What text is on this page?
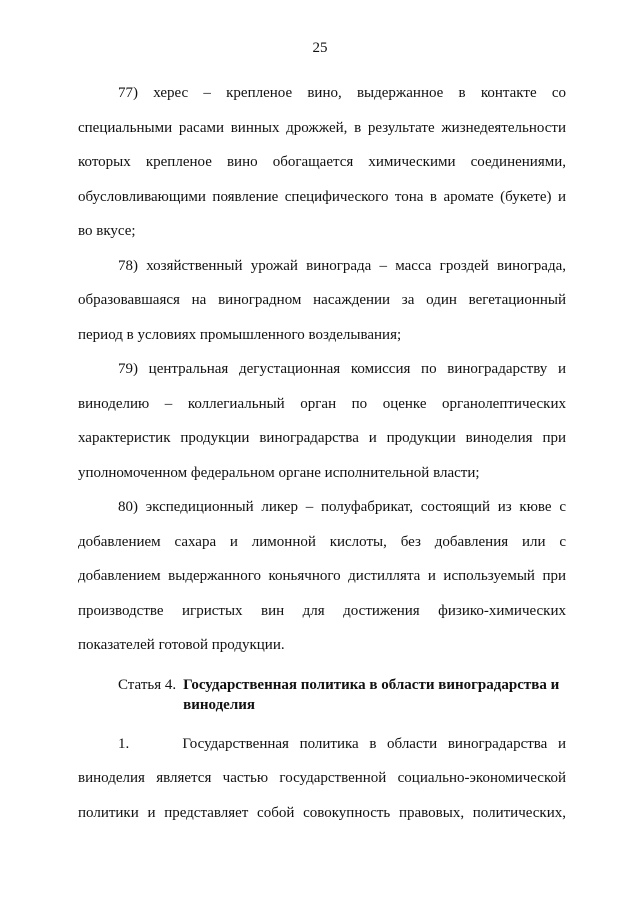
25
77) херес – крепленое вино, выдержанное в контакте со
специальными расами винных дрожжей, в результате жизнедеятельности
которых крепленое вино обогащается химическими соединениями,
обусловливающими появление специфического тона в аромате (букете) и
во вкусе;
78) хозяйственный урожай винограда – масса гроздей винограда,
образовавшаяся на виноградном насаждении за один вегетационный
период в условиях промышленного возделывания;
79) центральная дегустационная комиссия по виноградарству и
виноделию – коллегиальный орган по оценке органолептических
характеристик продукции виноградарства и продукции виноделия при
уполномоченном федеральном органе исполнительной власти;
80) экспедиционный ликер – полуфабрикат, состоящий из кюве с
добавлением сахара и лимонной кислоты, без добавления или с
добавлением выдержанного коньячного дистиллята и используемый при
производстве игристых вин для достижения физико-химических
показателей готовой продукции.
Статья 4. Государственная политика в области виноградарства и виноделия
1.     Государственная политика в области виноградарства и
виноделия является частью государственной социально-экономической
политики и представляет собой совокупность правовых, политических,
